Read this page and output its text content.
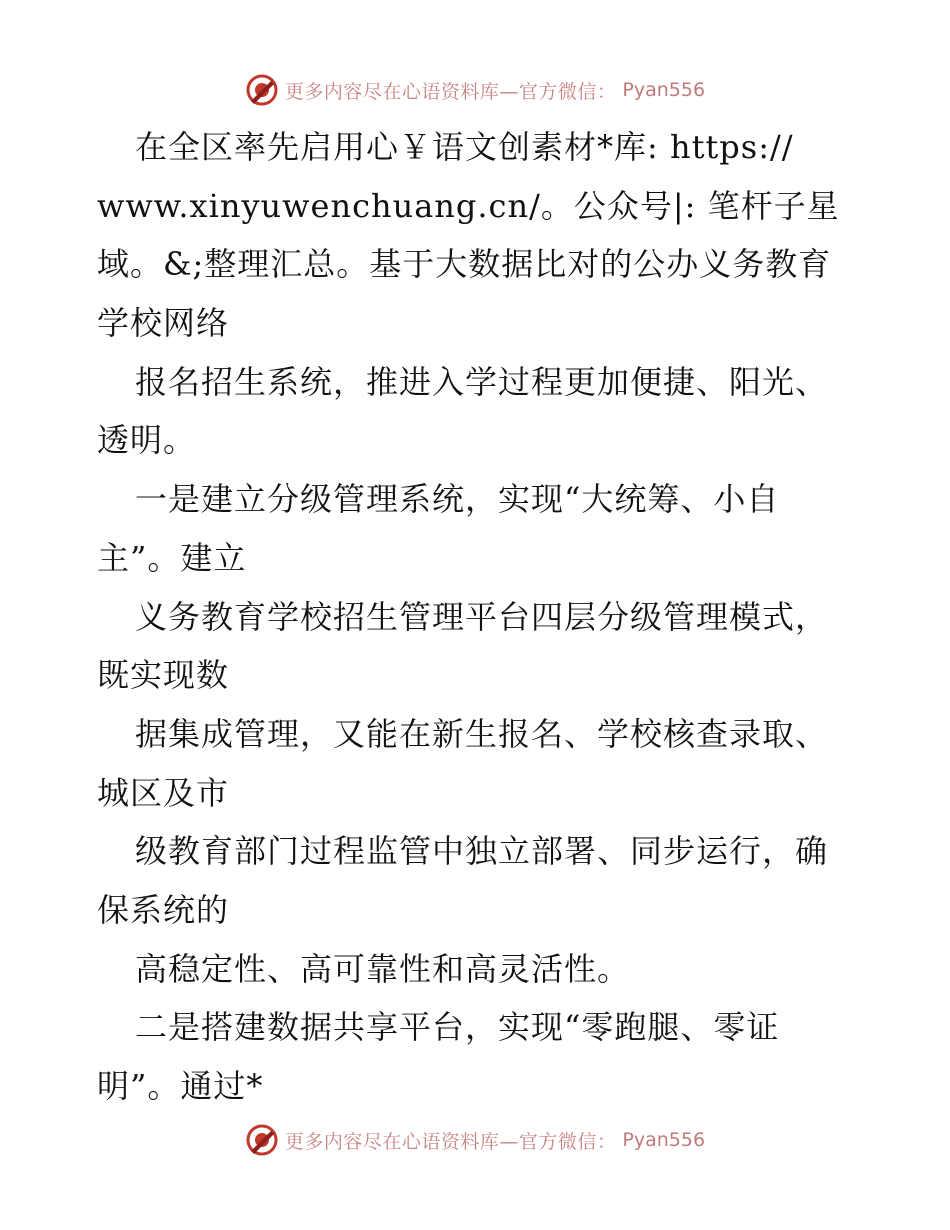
更多内容尽在心语资料库—官方微信： Pyan556
在全区率先启用心￥语文创素材*库: https://
www.xinyuwenchuang.cn/。公众号|: 笔杆子星
域。&;整理汇总。基于大数据比对的公办义务教育
学校网络
报名招生系统，推进入学过程更加便捷、阳光、
透明。
一是建立分级管理系统，实现“大统筹、小自
主”。建立
义务教育学校招生管理平台四层分级管理模式，
既实现数
据集成管理，又能在新生报名、学校核查录取、
城区及市
级教育部门过程监管中独立部署、同步运行，确
保系统的
高稳定性、高可靠性和高灵活性。
二是搭建数据共享平台，实现“零跑腿、零证
明”。通过*
更多内容尽在心语资料库—官方微信： Pyan556
